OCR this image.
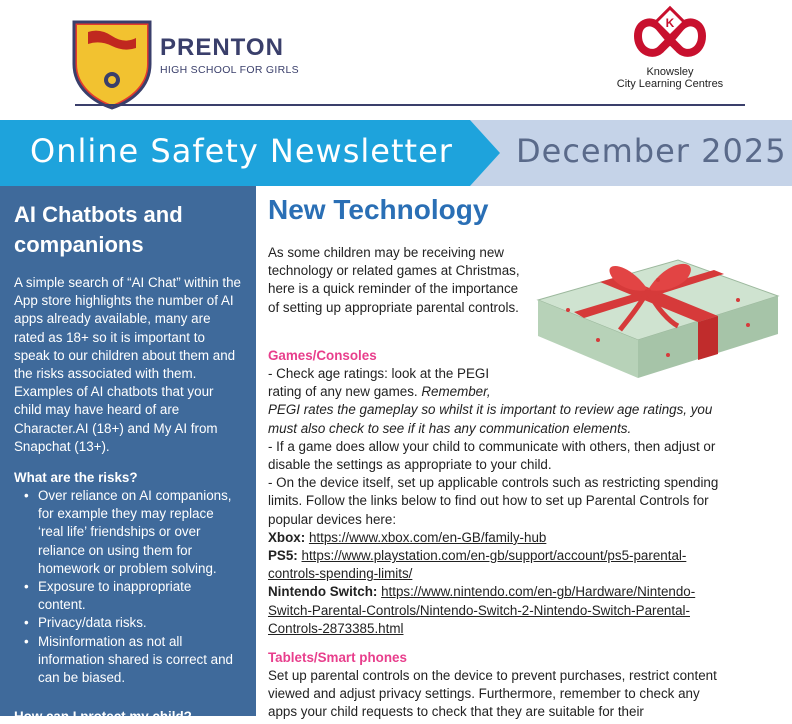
PRENTON
HIGH SCHOOL FOR GIRLS
K
Knowsley
City Learning Centres
Online Safety Newsletter December 2025
AI Chatbots and companions

A simple search of “AI Chat” within the App store highlights the number of AI apps already available, many are rated as 18+ so it is important to speak to our children about them and the risks associated with them. Examples of AI chatbots that your child may have heard of are Character.AI (18+) and My AI from Snapchat (13+).

What are the risks?
• Over reliance on AI companions, for example they may replace ‘real life’ friendships or over reliance on using them for homework or problem solving.
• Exposure to inappropriate content.
• Privacy/data risks.
• Misinformation as not all information shared is correct and can be biased.
How can I protect my child?
New Technology
As some children may be receiving new technology or related games at Christmas, here is a quick reminder of the importance of setting up appropriate parental controls.
Games/Consoles
- Check age ratings: look at the PEGI
rating of any new games. Remember,
PEGI rates the gameplay so whilst it is important to review age ratings, you must also check to see if it has any communication elements.
- If a game does allow your child to communicate with others, then adjust or disable the settings as appropriate to your child.
- On the device itself, set up applicable controls such as restricting spending limits. Follow the links below to find out how to set up Parental Controls for popular devices here:
Xbox: https://www.xbox.com/en-GB/family-hub
PS5: https://www.playstation.com/en-gb/support/account/ps5-parental-controls-spending-limits/
Nintendo Switch: https://www.nintendo.com/en-gb/Hardware/Nintendo-Switch-Parental-Controls/Nintendo-Switch-2-Nintendo-Switch-Parental-Controls-2873385.html
Tablets/Smart phones
Set up parental controls on the device to prevent purchases, restrict content viewed and adjust privacy settings. Furthermore, remember to check any apps your child requests to check that they are suitable for their
